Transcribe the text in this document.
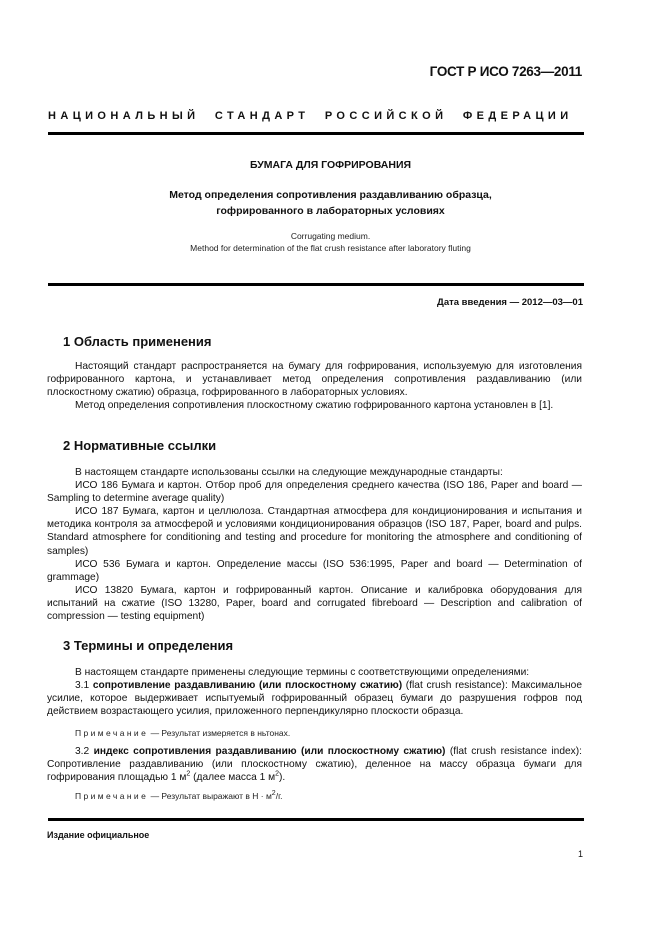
ГОСТ Р ИСО 7263—2011
НАЦИОНАЛЬНЫЙ СТАНДАРТ РОССИЙСКОЙ ФЕДЕРАЦИИ
БУМАГА ДЛЯ ГОФРИРОВАНИЯ
Метод определения сопротивления раздавливанию образца,
гофрированного в лабораторных условиях
Corrugating medium.
Method for determination of the flat crush resistance after laboratory fluting
Дата введения — 2012—03—01
1 Область применения

Настоящий стандарт распространяется на бумагу для гофрирования, используемую для изготовления гофрированного картона, и устанавливает метод определения сопротивления раздавливанию (или плоскостному сжатию) образца, гофрированного в лабораторных условиях.

Метод определения сопротивления плоскостному сжатию гофрированного картона установлен в [1].

2 Нормативные ссылки

В настоящем стандарте использованы ссылки на следующие международные стандарты:

ИСО 186 Бумага и картон. Отбор проб для определения среднего качества (ISO 186, Paper and board — Sampling to determine average quality)

ИСО 187 Бумага, картон и целлюлоза. Стандартная атмосфера для кондиционирования и испытания и методика контроля за атмосферой и условиями кондиционирования образцов (ISO 187, Paper, board and pulps. Standard atmosphere for conditioning and testing and procedure for monitoring the atmosphere and conditioning of samples)

ИСО 536 Бумага и картон. Определение массы (ISO 536:1995, Paper and board — Determination of grammage)

ИСО 13820 Бумага, картон и гофрированный картон. Описание и калибровка оборудования для испытаний на сжатие (ISO 13280, Paper, board and corrugated fibreboard — Description and calibration of compression — testing equipment)

3 Термины и определения

В настоящем стандарте применены следующие термины с соответствующими определениями:

3.1 сопротивление раздавливанию (или плоскостному сжатию) (flat crush resistance): Максимальное усилие, которое выдерживает испытуемый гофрированный образец бумаги до разрушения гофров под действием возрастающего усилия, приложенного перпендикулярно плоскости образца.

Примечание — Результат измеряется в ньтонах.

3.2 индекс сопротивления раздавливанию (или плоскостному сжатию) (flat crush resistance index): Сопротивление раздавливанию (или плоскостному сжатию), деленное на массу образца бумаги для гофрирования площадью 1 $м^2$ (далее масса 1 $м^2$).

Примечание — Результат выражают в $Н \cdot м^2/г$.
Издание официальное
1
